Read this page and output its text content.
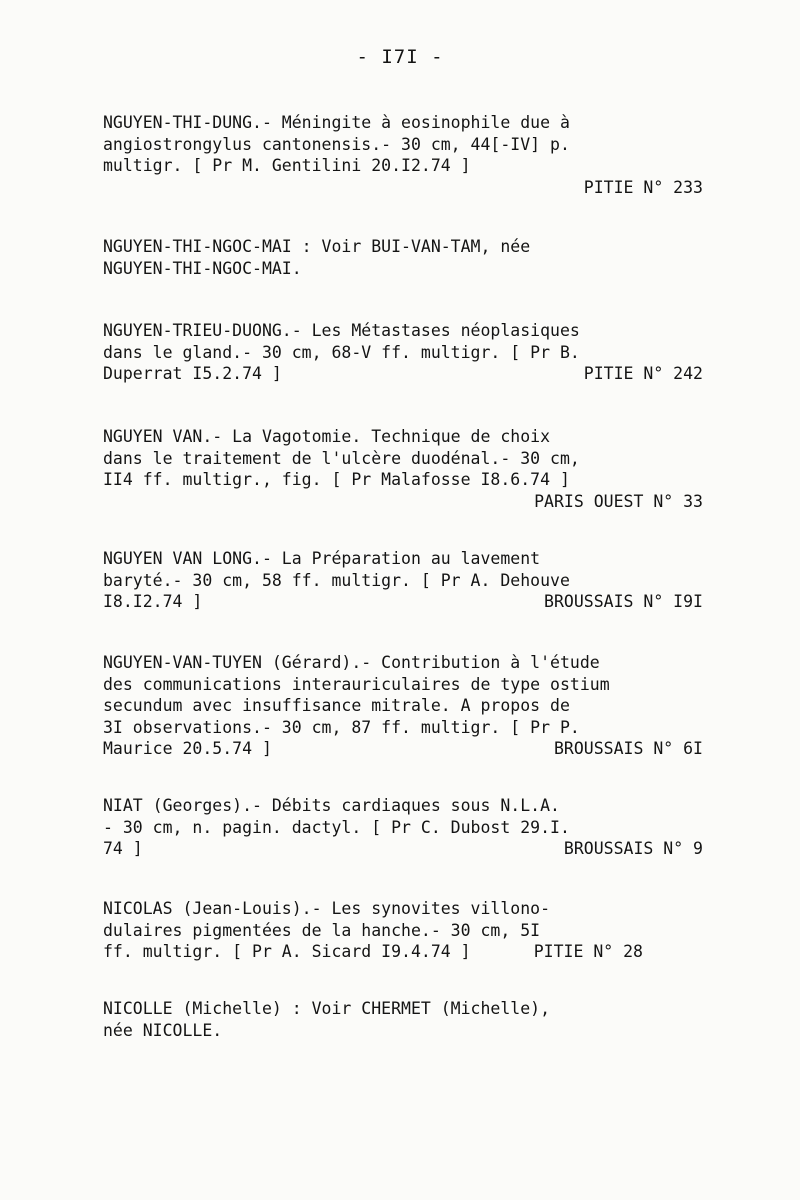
- I7I -
NGUYEN-THI-DUNG.- Méningite à eosinophile due à
angiostrongylus cantonensis.- 30 cm, 44[-IV] p.
multigr. [ Pr M. Gentilini 20.I2.74 ]
PITIE N° 233
NGUYEN-THI-NGOC-MAI : Voir BUI-VAN-TAM, née
NGUYEN-THI-NGOC-MAI.
NGUYEN-TRIEU-DUONG.- Les Métastases néoplasiques
dans le gland.- 30 cm, 68-V ff. multigr. [ Pr B.
Duperrat I5.2.74 ]	PITIE N° 242
NGUYEN VAN.- La Vagotomie. Technique de choix
dans le traitement de l'ulcère duodénal.- 30 cm,
II4 ff. multigr., fig. [ Pr Malafosse I8.6.74 ]
PARIS OUEST N° 33
NGUYEN VAN LONG.- La Préparation au lavement
baryté.- 30 cm, 58 ff. multigr. [ Pr A. Dehouve
I8.I2.74 ]	BROUSSAIS N° I9I
NGUYEN-VAN-TUYEN (Gérard).- Contribution à l'étude
des communications interauriculaires de type ostium
secundum avec insuffisance mitrale. A propos de
3I observations.- 30 cm, 87 ff. multigr. [ Pr P.
Maurice 20.5.74 ]	BROUSSAIS N° 6I
NIAT (Georges).- Débits cardiaques sous N.L.A.
- 30 cm, n. pagin. dactyl. [ Pr C. Dubost 29.I.
74 ]	BROUSSAIS N° 9
NICOLAS (Jean-Louis).- Les synovites villono-
dulaires pigmentées de la hanche.- 30 cm, 5I
ff. multigr. [ Pr A. Sicard I9.4.74 ]	PITIE N° 28
NICOLLE (Michelle) : Voir CHERMET (Michelle),
née NICOLLE.
